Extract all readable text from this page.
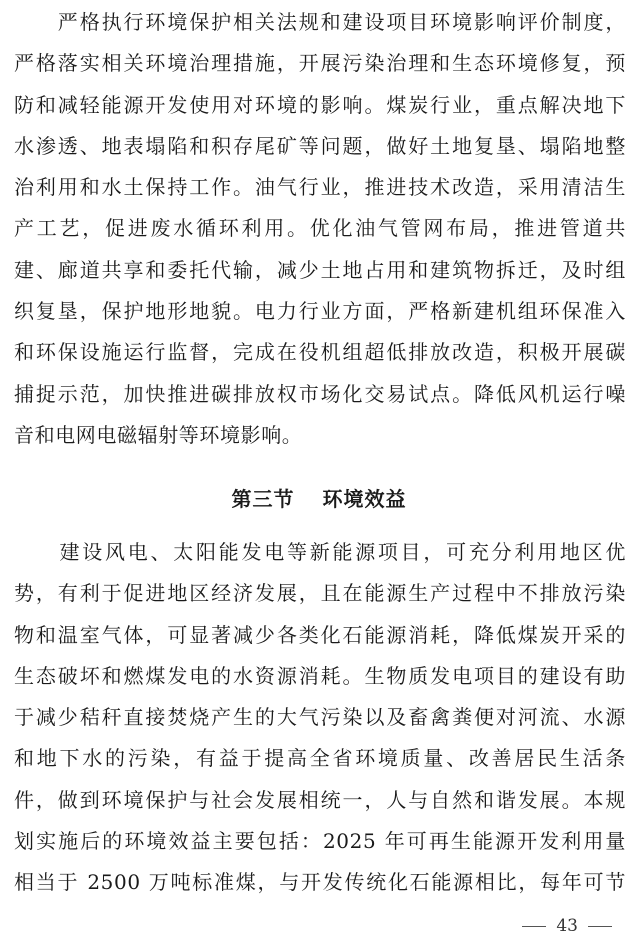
　　严格执行环境保护相关法规和建设项目环境影响评价制度，
严格落实相关环境治理措施，开展污染治理和生态环境修复，预
防和减轻能源开发使用对环境的影响。煤炭行业，重点解决地下
水渗透、地表塌陷和积存尾矿等问题，做好土地复垦、塌陷地整
治利用和水土保持工作。油气行业，推进技术改造，采用清洁生
产工艺，促进废水循环利用。优化油气管网布局，推进管道共
建、廊道共享和委托代输，减少土地占用和建筑物拆迁，及时组
织复垦，保护地形地貌。电力行业方面，严格新建机组环保准入
和环保设施运行监督，完成在役机组超低排放改造，积极开展碳
捕捉示范，加快推进碳排放权市场化交易试点。降低风机运行噪
音和电网电磁辐射等环境影响。
第三节 环境效益
　　建设风电、太阳能发电等新能源项目，可充分利用地区优
势，有利于促进地区经济发展，且在能源生产过程中不排放污染
物和温室气体，可显著减少各类化石能源消耗，降低煤炭开采的
生态破坏和燃煤发电的水资源消耗。生物质发电项目的建设有助
于减少秸秆直接焚烧产生的大气污染以及畜禽粪便对河流、水源
和地下水的污染，有益于提高全省环境质量、改善居民生活条
件，做到环境保护与社会发展相统一，人与自然和谐发展。本规
划实施后的环境效益主要包括：2025 年可再生能源开发利用量
相当于 2500 万吨标准煤，与开发传统化石能源相比，每年可节
43
